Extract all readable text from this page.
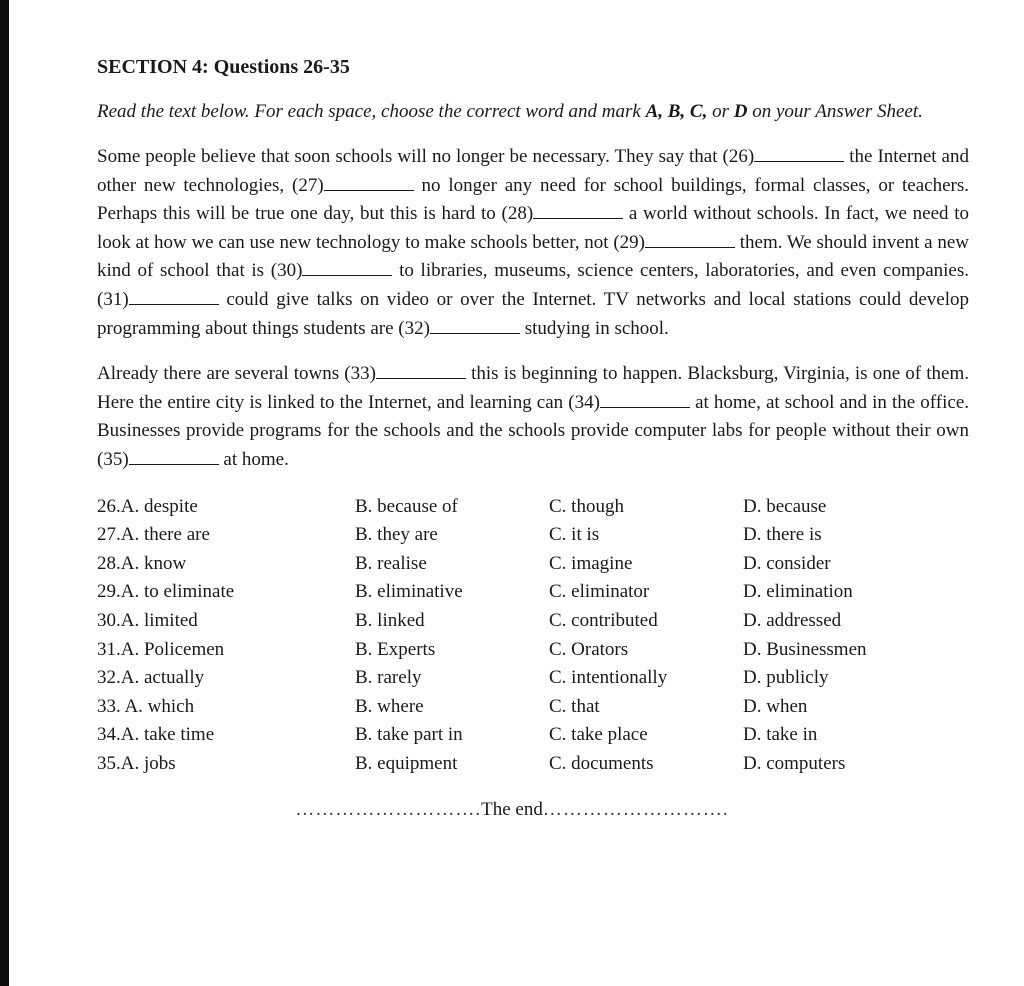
SECTION 4: Questions 26-35

Read the text below. For each space, choose the correct word and mark A, B, C, or D on your Answer Sheet.

Some people believe that soon schools will no longer be necessary. They say that (26)	the Internet and other new technologies, (27)	no longer any need for school buildings, formal classes, or teachers. Perhaps this will be true one day, but this is hard to (28)	a world without schools. In fact, we need to look at how we can use new technology to make schools better, not (29)	them. We should invent a new kind of school that is (30)	to libraries, museums, science centers, laboratories, and even companies. (31)	could give talks on video or over the Internet. TV networks and local stations could develop programming about things students are (32)	studying in school.

Already there are several towns (33)	this is beginning to happen. Blacksburg, Virginia, is one of them. Here the entire city is linked to the Internet, and learning can (34)	at home, at school and in the office. Businesses provide programs for the schools and the schools provide computer labs for people without their own (35)	at home.

26.A. despite	B. because of	C. though	D. because
27.A. there are	B. they are	C. it is	D. there is
28.A. know	B. realise	C. imagine	D. consider
29.A. to eliminate	B. eliminative	C. eliminator	D. elimination
30.A. limited	B. linked	C. contributed	D. addressed
31.A. Policemen	B. Experts	C. Orators	D. Businessmen
32.A. actually	B. rarely	C. intentionally	D. publicly
33. A. which	B. where	C. that	D. when
34.A. take time	B. take part in	C. take place	D. take in
35.A. jobs	B. equipment	C. documents	D. computers
……………………….The end……………………….
